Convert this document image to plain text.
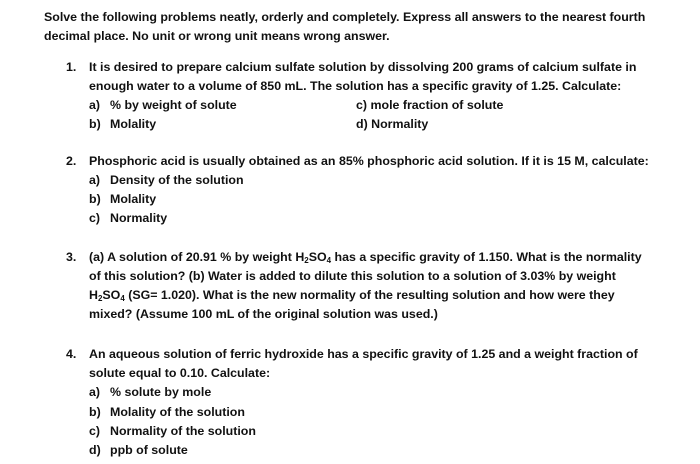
Solve the following problems neatly, orderly and completely. Express all answers to the nearest fourth
decimal place. No unit or wrong unit means wrong answer.
1. It is desired to prepare calcium sulfate solution by dissolving 200 grams of calcium sulfate in
enough water to a volume of 850 mL. The solution has a specific gravity of 1.25. Calculate:
a) % by weight of solute
b) Molality
c) mole fraction of solute
d) Normality
2. Phosphoric acid is usually obtained as an 85% phosphoric acid solution. If it is 15 M, calculate:
a) Density of the solution
b) Molality
c) Normality
3. (a) A solution of 20.91 % by weight $H_2SO_4$ has a specific gravity of 1.150. What is the normality
of this solution? (b) Water is added to dilute this solution to a solution of 3.03% by weight
$H_2SO_4$ (SG= 1.020). What is the new normality of the resulting solution and how were they
mixed? (Assume 100 mL of the original solution was used.)
4. An aqueous solution of ferric hydroxide has a specific gravity of 1.25 and a weight fraction of
solute equal to 0.10. Calculate:
a) % solute by mole
b) Molality of the solution
c) Normality of the solution
d) ppb of solute
